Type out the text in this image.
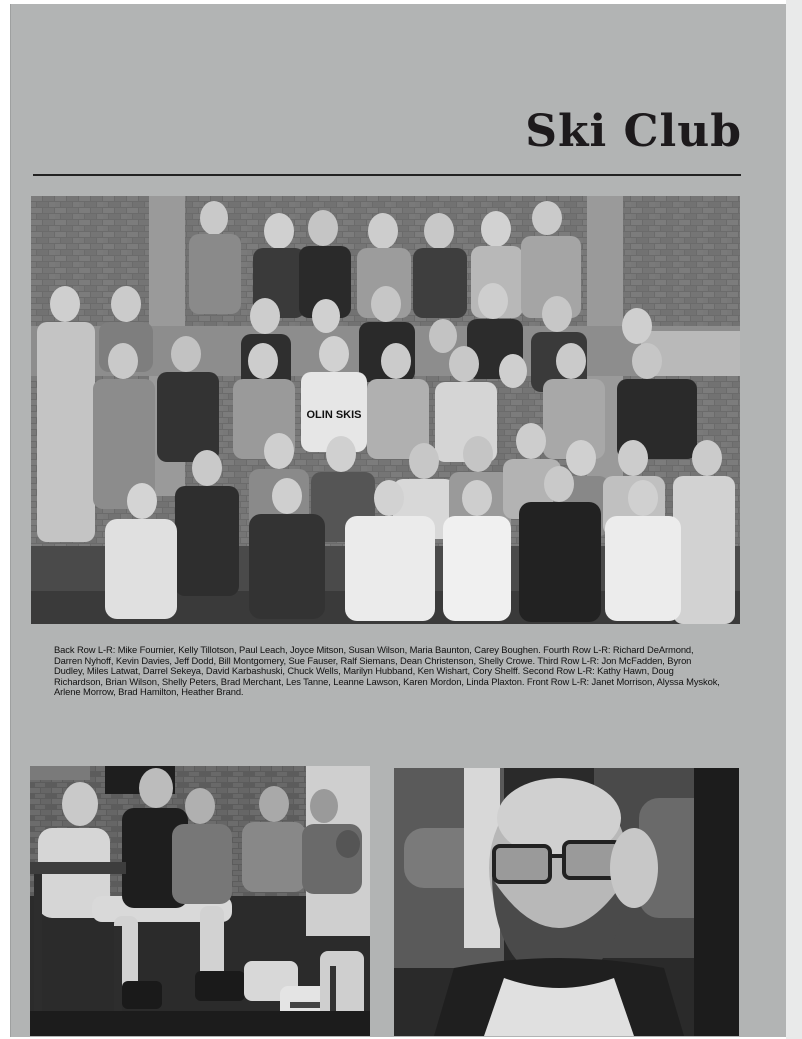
Ski Club
OLIN SKIS

Back Row L-R: Mike Fournier, Kelly Tillotson, Paul Leach, Joyce Mitson, Susan Wilson, Maria Baunton, Carey Boughen. Fourth Row L-R: Richard DeArmond, Darren Nyhoff, Kevin Davies, Jeff Dodd, Bill Montgomery, Sue Fauser, Ralf Siemans, Dean Christenson, Shelly Crowe. Third Row L-R: Jon McFadden, Byron Dudley, Miles Latwat, Darrel Sekeya, David Karbashuski, Chuck Wells, Marilyn Hubband, Ken Wishart, Cory Shelff. Second Row L-R: Kathy Hawn, Doug Richardson, Brian Wilson, Shelly Peters, Brad Merchant, Les Tanne, Leanne Lawson, Karen Mordon, Linda Plaxton. Front Row L-R: Janet Morrison, Alyssa Myskok, Arlene Morrow, Brad Hamilton, Heather Brand.
